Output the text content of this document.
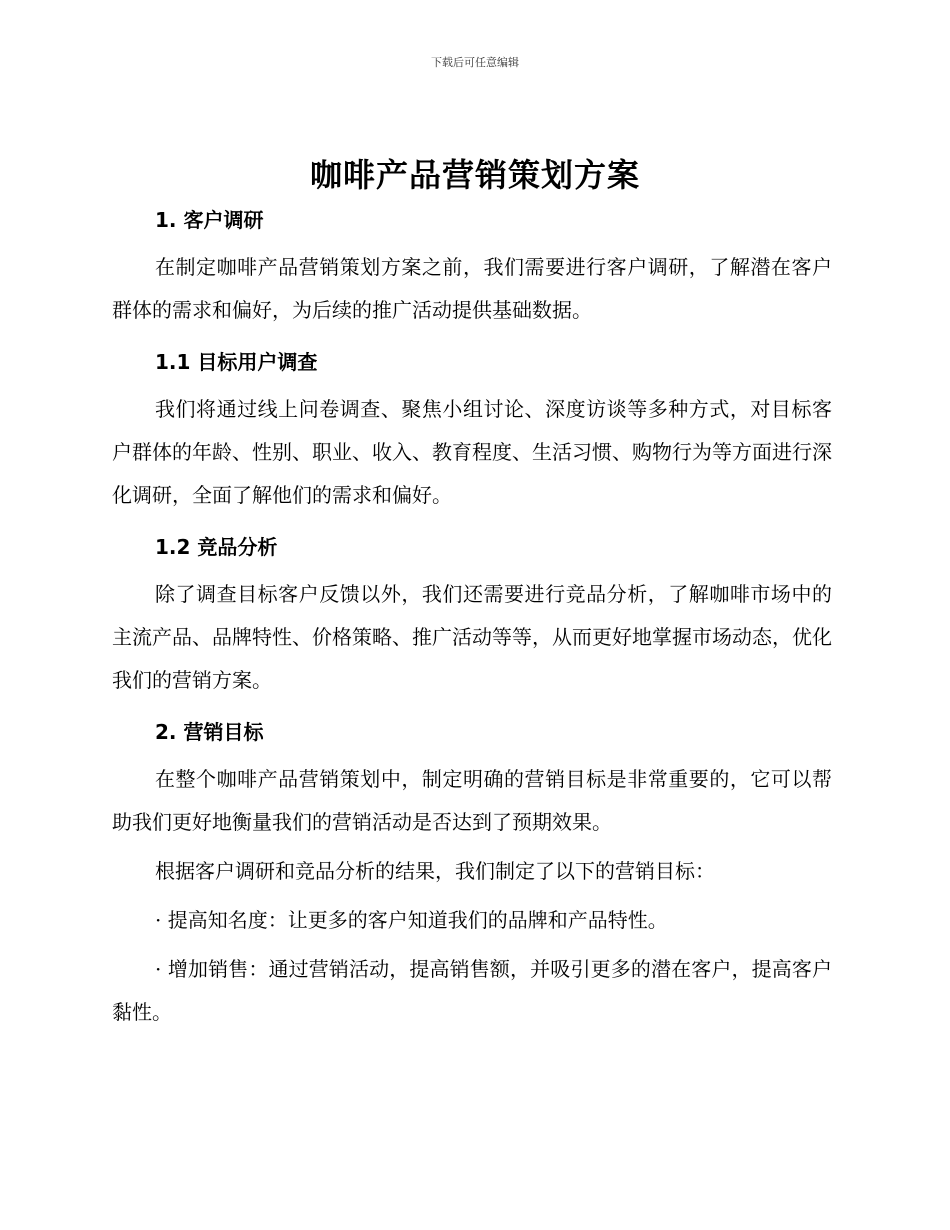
下载后可任意编辑
咖啡产品营销策划方案
1. 客户调研

在制定咖啡产品营销策划方案之前，我们需要进行客户调研，了解潜在客户群体的需求和偏好，为后续的推广活动提供基础数据。

1.1 目标用户调查

我们将通过线上问卷调查、聚焦小组讨论、深度访谈等多种方式，对目标客户群体的年龄、性别、职业、收入、教育程度、生活习惯、购物行为等方面进行深化调研，全面了解他们的需求和偏好。

1.2 竞品分析

除了调查目标客户反馈以外，我们还需要进行竞品分析，了解咖啡市场中的主流产品、品牌特性、价格策略、推广活动等等，从而更好地掌握市场动态，优化我们的营销方案。

2. 营销目标

在整个咖啡产品营销策划中，制定明确的营销目标是非常重要的，它可以帮助我们更好地衡量我们的营销活动是否达到了预期效果。

根据客户调研和竞品分析的结果，我们制定了以下的营销目标：

· 提高知名度：让更多的客户知道我们的品牌和产品特性。

· 增加销售：通过营销活动，提高销售额，并吸引更多的潜在客户，提高客户黏性。
